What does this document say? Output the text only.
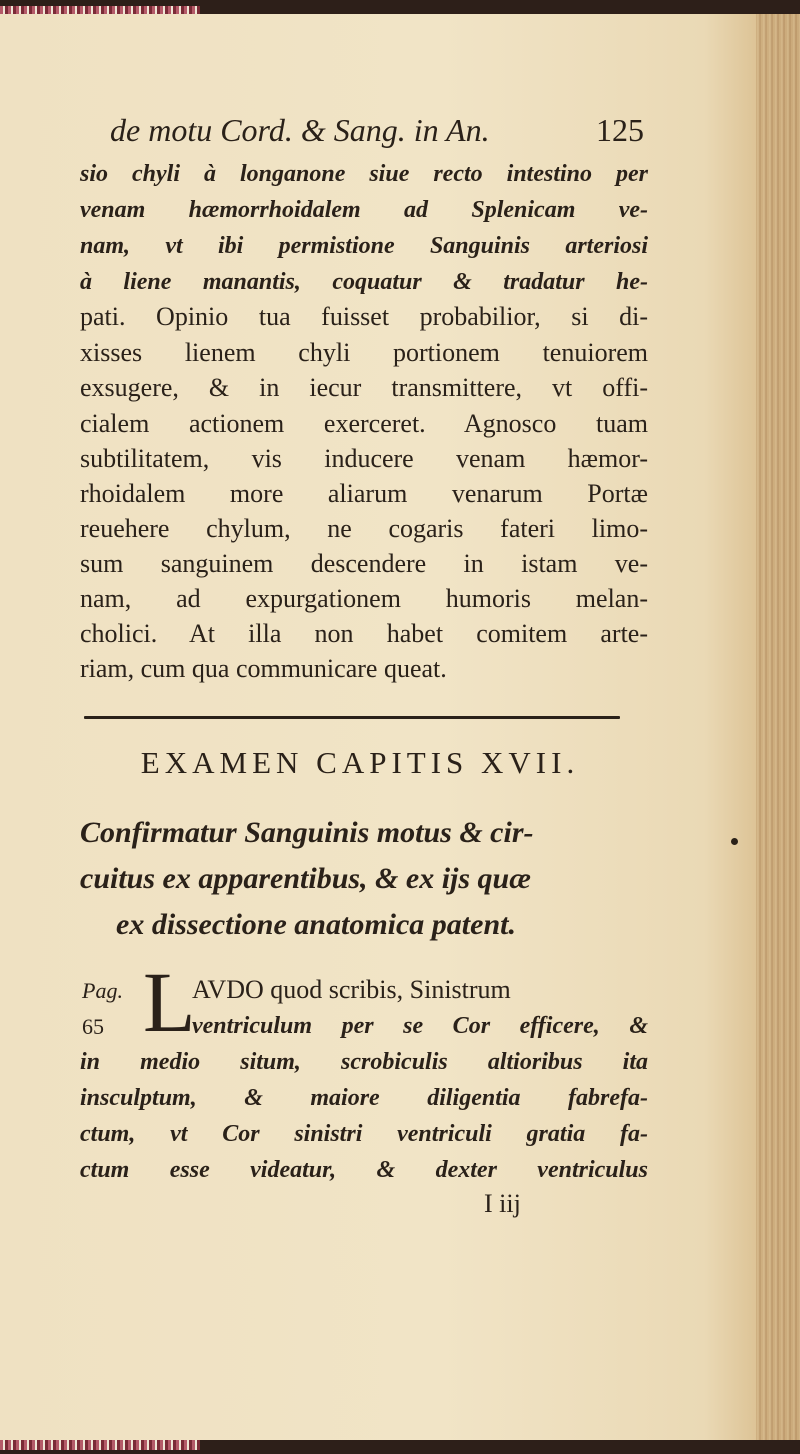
de motu Cord. & Sang. in An.	125
sio chyli à longanone siue recto intestino per
venam hæmorrhoidalem ad Splenicam ve-
nam, vt ibi permistione Sanguinis arteriosi
à liene manantis, coquatur & tradatur he-
pati. Opinio tua fuisset probabilior, si di-
xisses lienem chyli portionem tenuiorem
exsugere, & in iecur transmittere, vt offi-
cialem actionem exerceret. Agnosco tuam
subtilitatem, vis inducere venam hæmor-
rhoidalem more aliarum venarum Portæ
reuehere chylum, ne cogaris fateri limo-
sum sanguinem descendere in istam ve-
nam, ad expurgationem humoris melan-
cholici. At illa non habet comitem arte-
riam, cum qua communicare queat.
EXAMEN CAPITIS XVII.
Confirmatur Sanguinis motus & cir-
cuitus ex apparentibus, & ex ijs quæ
ex dissectione anatomica patent.
Pag.
65 L
AVDO quod scribis, Sinistrum
ventriculum per se Cor efficere, &
in medio situm, scrobiculis altioribus ita
insculptum, & maiore diligentia fabrefa-
ctum, vt Cor sinistri ventriculi gratia fa-
ctum esse videatur, & dexter ventriculus
I iij
